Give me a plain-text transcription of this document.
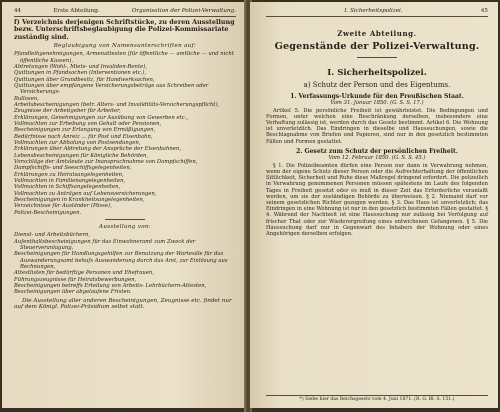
44	Erste Abteilung.	Organisation der Polizei-Verwaltung.
f) Verzeichnis derjenigen Schriftstücke, zu deren Ausstellung bezw. Unterschriftsbeglaubigung die Polizei-Kommissariate zuständig sind.
Beglaubigung von Namensunterschriften auf:
Pfandleihgenehmigungen, Armenattesten (für öffentliche — amtliche — und nicht öffentliche Kassen),
Abtretungen (Wohl-, Miets- und Invaliden-Rente),
Quittungen in Pfandsachen (Interventionen etc.),
Quittungen über Grundbesitz, für Handwerksachen,
Quittungen über empfangene Versicherungsbeträge aus Schreiben oder Versicherungs-
Bullosen,
Arbeitsbescheinigungen (betr. Alters- und Invaliditäts-Versicherungspflicht),
Zeugnisse der Arbeitgeber für Arbeiter,
Erklärungen, Genehmigungen zur Ausübung von Gewerben etc.,
Vollmachten zur Erhebung von Gehalt oder Pensionen,
Bescheinigungen zur Erlangung von Ermäßigungen,
Bedürfnisse nach Anreiz ... für Post und Eisenbahn,
Vollmachten zur Abholung von Postsendungen,
Erklärungen über Abtretung der Ansprüche der Eisenbahnen,
Lebensbescheinigungen für Königliche Behörden,
Vorschläge der Amtsleute zur Inanspruchnahme von Dampfschiffen,
Dampfschiffs- und Seeschiffsgelegenheiten,
Erklärungen zu Heiratsangelegenheiten,
Vollmachten in Familienangelegenheiten,
Vollmachten in Schiffsangelegenheiten,
Vollmachten zu Anträgen auf Lebensversicherungen,
Bescheinigungen in Krankheitsangelegenheiten,
Verzeichnisse für Ausländer (Pässe),
Polizei-Bescheinigungen.
Ausstellung von:
Dienst- und Arbeitsbüchern,
Aufenthaltsbescheinigungen für das Einwohneramt zum Zweck der Steuerveranlagung,
Bescheinigungen für Handlungsgehilfen zur Benutzung der Wartesäle für das Auswanderungsamt behufs Auswanderung durch das Amt, zur Einlösung aus Rechnungen,
Attestlisten für bedürftige Personen und Ehefrauen,
Führungszeugnisse für Heiratsbewerbungen,
Bescheinigungen betreffs Erteilung von Arbeits- Lehrbüchern-Attesten,
Bescheinigungen über abgelaufene Fristen.
Die Ausstellung aller anderen Bescheinigungen, Zeugnisse etc. findet nur auf dem Königl. Polizei-Präsidium selbst statt.
I. Sicherheitspolizei.	45
Zweite Abteilung.
Gegenstände der Polizei-Verwaltung.
I. Sicherheitspolizei.
a) Schutz der Person und des Eigentums.
1. Verfassungs-Urkunde für den Preußischen Staat.
Vom 31. Januar 1850. (G. S. S. 17.)
Artikel 5. Die persönliche Freiheit ist gewährleistet. Die Bedingungen und Formen, unter welchen eine Beschränkung derselben, insbesondere eine Verhaftung zulässig ist, werden durch das Gesetz bestimmt. Artikel 6. Die Wohnung ist unverletzlich. Das Eindringen in dieselbe und Haussuchungen, sowie die Beschlagnahme von Briefen und Papieren, sind nur in den gesetzlich bestimmten Fällen und Formen gestattet.
2. Gesetz zum Schutz der persönlichen Freiheit.
Vom 12. Februar 1850. (G. S. S. 45.)
§ 1. Die Polizeibeamten dürfen eine Person nur dann in Verwahrung nehmen, wenn der eigene Schutz dieser Person oder die Aufrechterhaltung der öffentlichen Sittlichkeit, Sicherheit und Ruhe diese Maßregel dringend erfordert. Die polizeilich in Verwahrung genommenen Personen müssen spätestens im Laufe des folgenden Tages in Freiheit gesetzt oder es muß in dieser Zeit das Erforderliche veranlaßt werden, um sie der zuständigen Behörde zu überweisen. § 2. Niemand darf vor seinem gesetzlichen Richter gezogen werden. § 3. Das Haus ist unverletzlich; das Eindringen in eine Wohnung ist nur in den gesetzlich bestimmten Fällen gestattet. § 4. Während der Nachtzeit ist eine Haussuchung nur zulässig bei Verfolgung auf frischer That oder zur Wiederergreifung eines entwichenen Gefangenen. § 5. Die Haussuchung darf nur in Gegenwart des Inhabers der Wohnung oder eines Angehörigen derselben erfolgen.
*) Siehe hier das Reichsgesetz vom 4. Juni 1871. (R. G. Bl. S. 151.)
